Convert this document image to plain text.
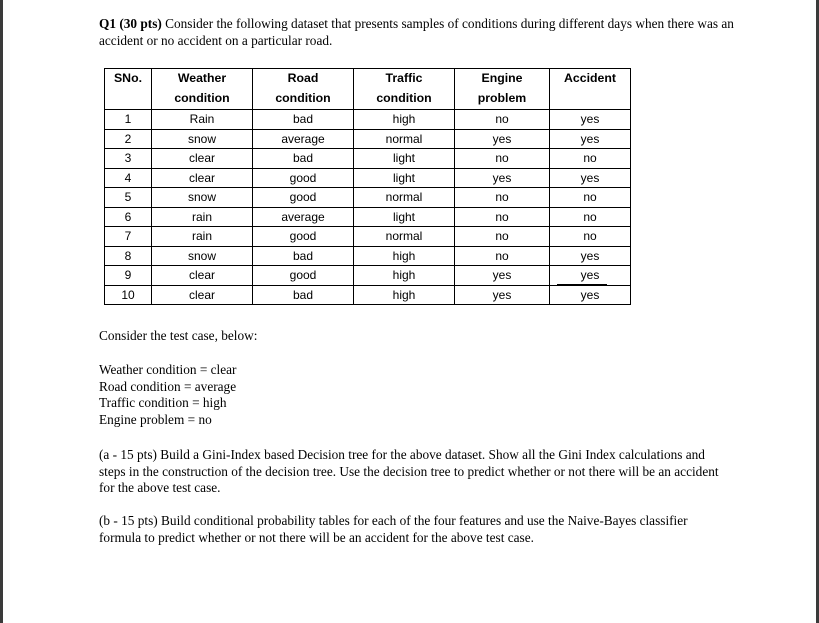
Q1 (30 pts) Consider the following dataset that presents samples of conditions during different days when there was an accident or no accident on a particular road.
SNo.	Weather	Road	Traffic	Engine	Accident
	condition	condition	condition	problem	
1	Rain	bad	high	no	yes
2	snow	average	normal	yes	yes
3	clear	bad	light	no	no
4	clear	good	light	yes	yes
5	snow	good	normal	no	no
6	rain	average	light	no	no
7	rain	good	normal	no	no
8	snow	bad	high	no	yes
9	clear	good	high	yes	yes
10	clear	bad	high	yes	yes
Consider the test case, below:
Weather condition = clear
Road condition = average
Traffic condition = high
Engine problem = no
(a - 15 pts) Build a Gini-Index based Decision tree for the above dataset. Show all the Gini Index calculations and steps in the construction of the decision tree. Use the decision tree to predict whether or not there will be an accident for the above test case.
(b - 15 pts) Build conditional probability tables for each of the four features and use the Naive-Bayes classifier formula to predict whether or not there will be an accident for the above test case.
